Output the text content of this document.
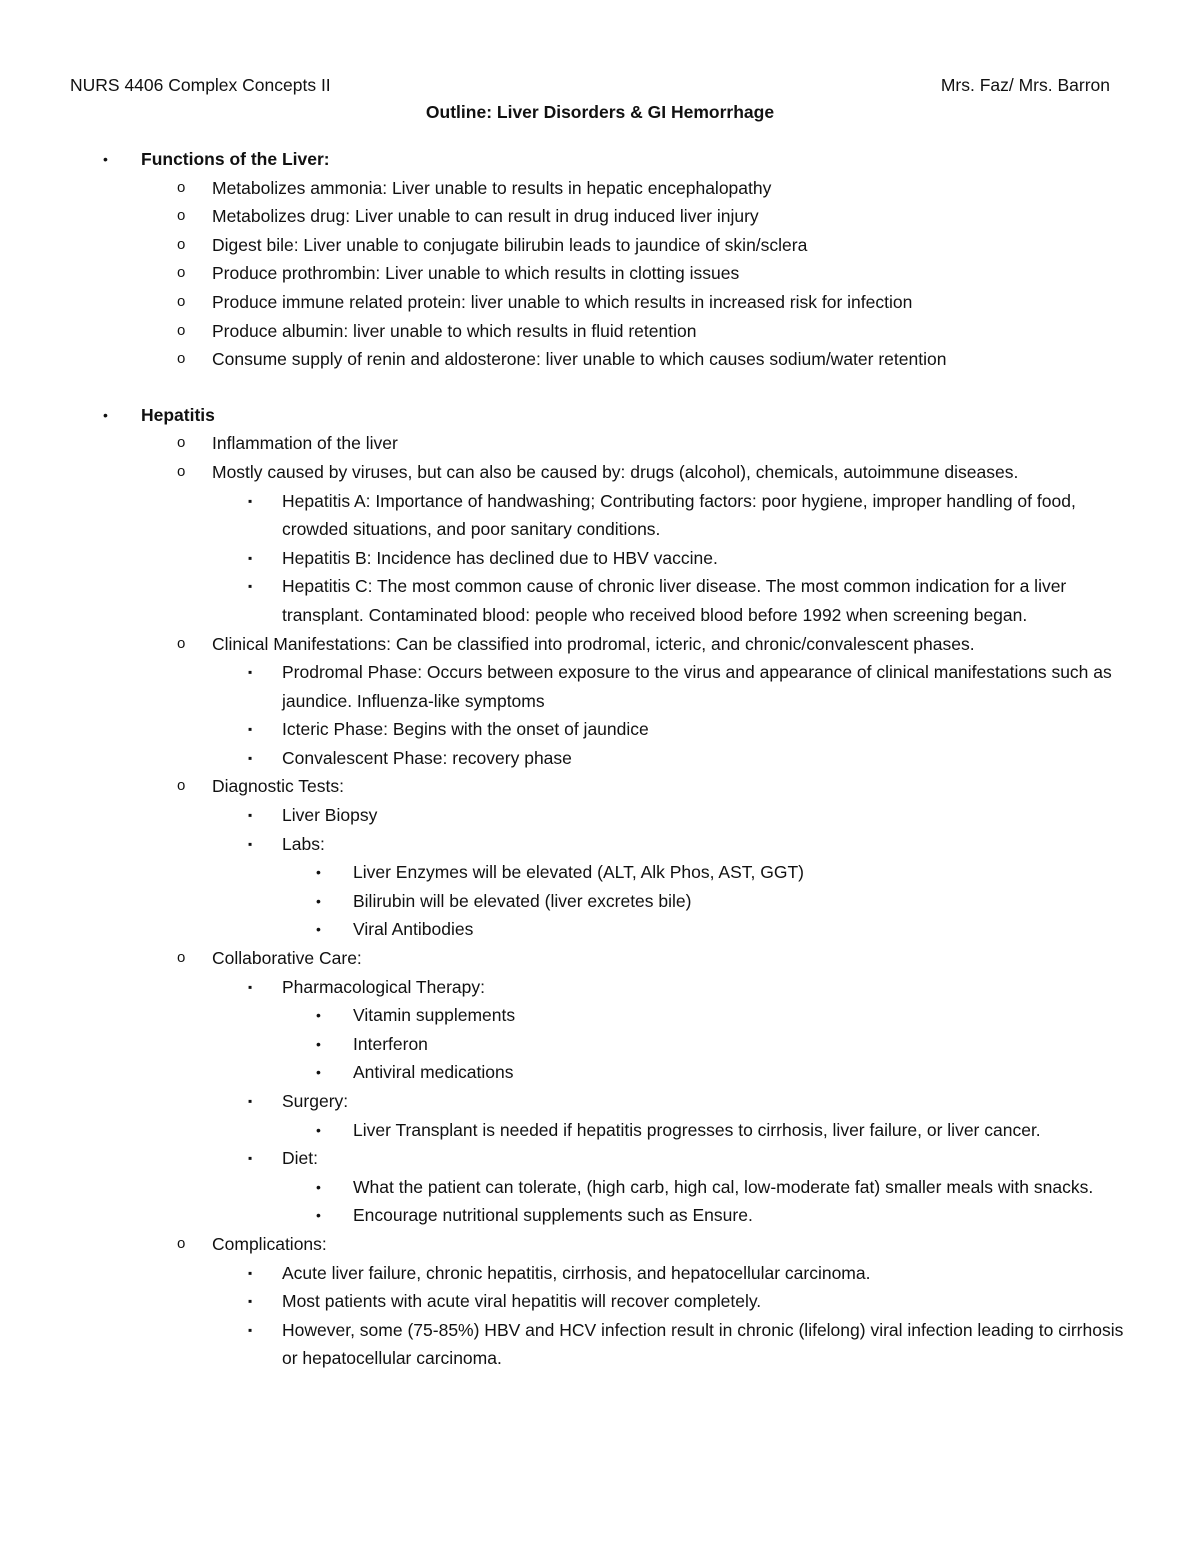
NURS 4406 Complex Concepts II	Mrs. Faz/ Mrs. Barron
Outline: Liver Disorders & GI Hemorrhage
• Functions of the Liver:
o Metabolizes ammonia: Liver unable to results in hepatic encephalopathy
o Metabolizes drug: Liver unable to can result in drug induced liver injury
o Digest bile: Liver unable to conjugate bilirubin leads to jaundice of skin/sclera
o Produce prothrombin: Liver unable to which results in clotting issues
o Produce immune related protein: liver unable to which results in increased risk for infection
o Produce albumin: liver unable to which results in fluid retention
o Consume supply of renin and aldosterone: liver unable to which causes sodium/water retention
• Hepatitis
o Inflammation of the liver
o Mostly caused by viruses, but can also be caused by: drugs (alcohol), chemicals, autoimmune diseases.
▪ Hepatitis A: Importance of handwashing; Contributing factors: poor hygiene, improper handling of food, crowded situations, and poor sanitary conditions.
▪ Hepatitis B: Incidence has declined due to HBV vaccine.
▪ Hepatitis C: The most common cause of chronic liver disease. The most common indication for a liver transplant. Contaminated blood: people who received blood before 1992 when screening began.
o Clinical Manifestations: Can be classified into prodromal, icteric, and chronic/convalescent phases.
▪ Prodromal Phase: Occurs between exposure to the virus and appearance of clinical manifestations such as jaundice. Influenza-like symptoms
▪ Icteric Phase: Begins with the onset of jaundice
▪ Convalescent Phase: recovery phase
o Diagnostic Tests:
▪ Liver Biopsy
▪ Labs:
• Liver Enzymes will be elevated (ALT, Alk Phos, AST, GGT)
• Bilirubin will be elevated (liver excretes bile)
• Viral Antibodies
o Collaborative Care:
▪ Pharmacological Therapy:
• Vitamin supplements
• Interferon
• Antiviral medications
▪ Surgery:
• Liver Transplant is needed if hepatitis progresses to cirrhosis, liver failure, or liver cancer.
▪ Diet:
• What the patient can tolerate, (high carb, high cal, low-moderate fat) smaller meals with snacks.
• Encourage nutritional supplements such as Ensure.
o Complications:
▪ Acute liver failure, chronic hepatitis, cirrhosis, and hepatocellular carcinoma.
▪ Most patients with acute viral hepatitis will recover completely.
▪ However, some (75-85%) HBV and HCV infection result in chronic (lifelong) viral infection leading to cirrhosis or hepatocellular carcinoma.
